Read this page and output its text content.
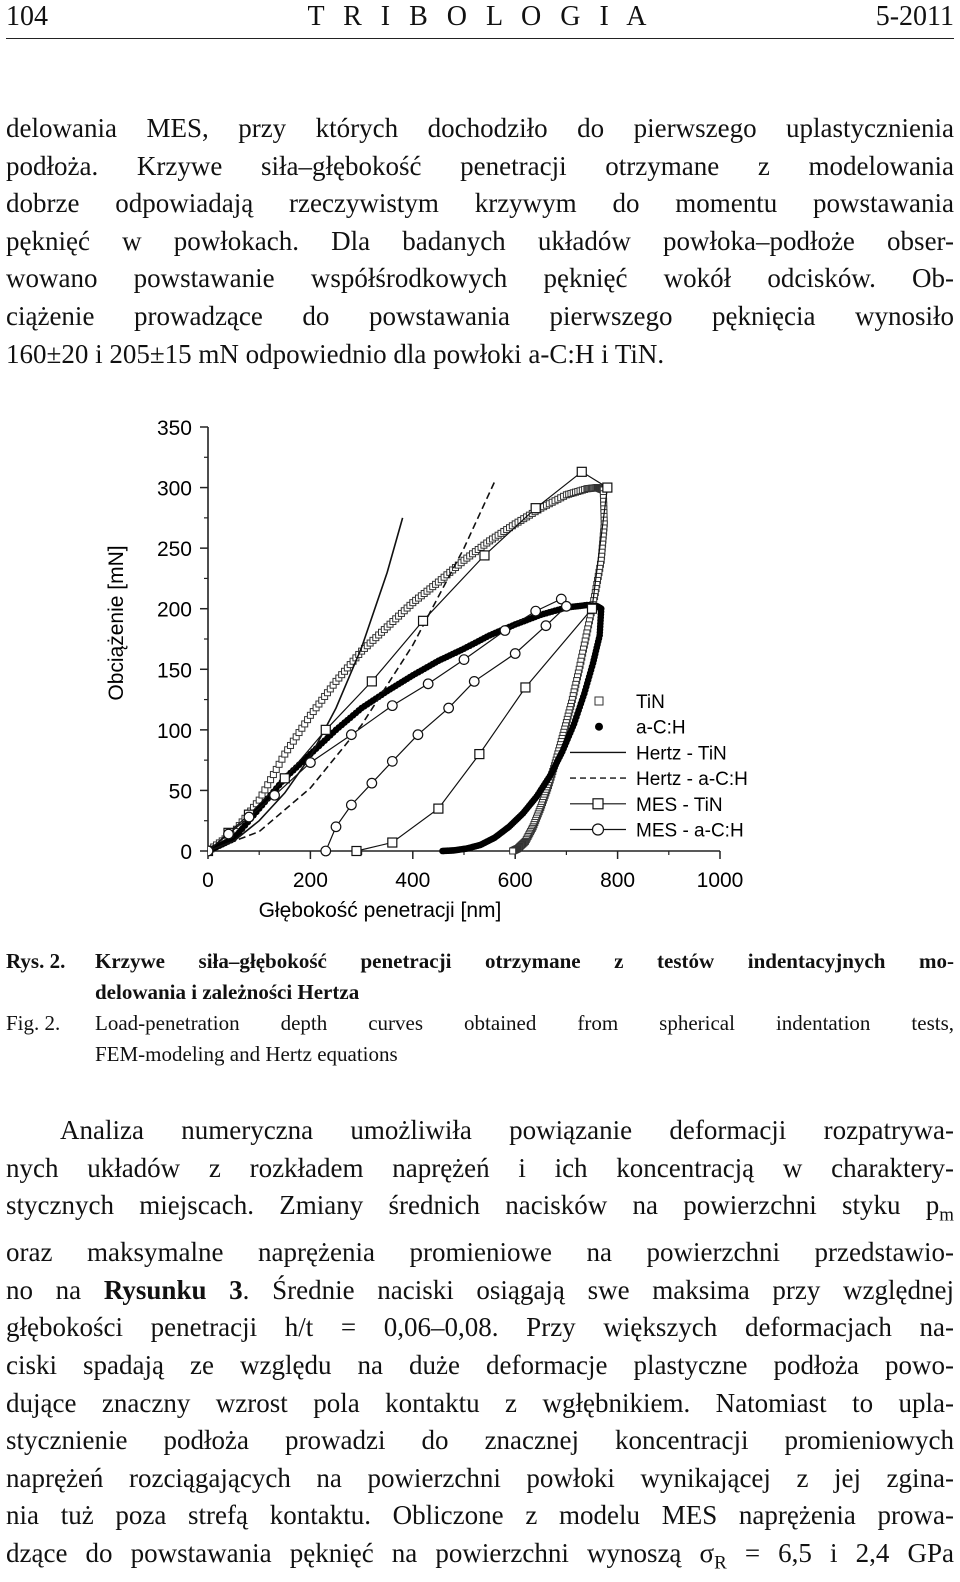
104	T R I B O L O G I A	5-2011
delowania MES, przy których dochodziło do pierwszego uplastycznienia
podłoża. Krzywe siła–głębokość penetracji otrzymane z modelowania
dobrze odpowiadają rzeczywistym krzywym do momentu powstawania
pęknięć w powłokach. Dla badanych układów powłoka–podłoże obser-
wowano powstawanie współśrodkowych pęknięć wokół odcisków. Ob-
ciążenie prowadzące do powstawania pierwszego pęknięcia wynosiło
160±20 i 205±15 mN odpowiednio dla powłoki a-C:H i TiN.
0
50
100
150
200
250
300
350
0	200	400	600	800	1000
TiN
a-C:H
Hertz - TiN
Hertz - a-C:H
MES - TiN
MES - a-C:H
Głębokość penetracji [nm]
Obciążenie [mN]
Rys. 2. Krzywe siła–głębokość penetracji otrzymane z testów indentacyjnych mo-
delowania i zależności Hertza
Fig. 2. Load-penetration depth curves obtained from spherical indentation tests,
FEM-modeling and Hertz equations
Analiza numeryczna umożliwiła powiązanie deformacji rozpatrywa-
nych układów z rozkładem naprężeń i ich koncentracją w charaktery-
stycznych miejscach. Zmiany średnich nacisków na powierzchni styku $p_m$
oraz maksymalne naprężenia promieniowe na powierzchni przedstawio-
no na Rysunku 3. Średnie naciski osiągają swe maksima przy względnej
głębokości penetracji h/t = 0,06–0,08. Przy większych deformacjach na-
ciski spadają ze względu na duże deformacje plastyczne podłoża powo-
dujące znaczny wzrost pola kontaktu z wgłębnikiem. Natomiast to upla-
stycznienie podłoża prowadzi do znacznej koncentracji promieniowych
naprężeń rozciągających na powierzchni powłoki wynikającej z jej zgina-
nia tuż poza strefą kontaktu. Obliczone z modelu MES naprężenia prowa-
dzące do powstawania pęknięć na powierzchni wynoszą $\sigma_R = 6,5$ i 2,4 GPa
